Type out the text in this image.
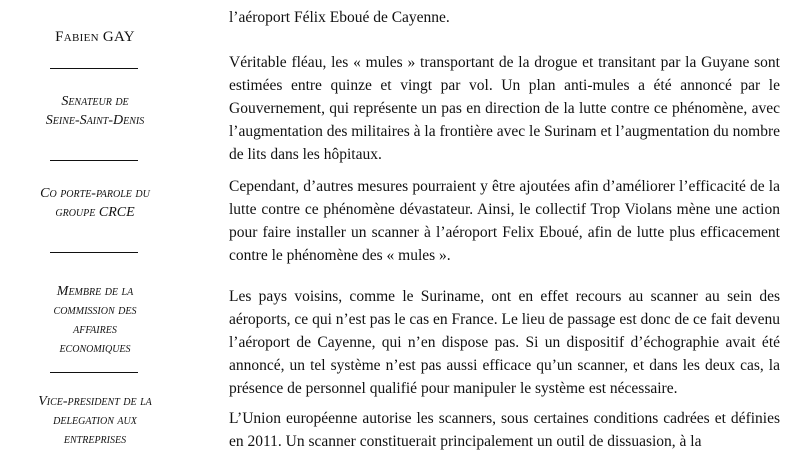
Fabien GAY
Senateur de
Seine-Saint-Denis
Co porte-parole du
groupe CRCE
Membre de la
commission des
affaires
economiques
Vice-president de la
delegation aux
entreprises

l’aéroport Félix Eboué de Cayenne.

Véritable fléau, les « mules » transportant de la drogue et transitant par la Guyane sont estimées entre quinze et vingt par vol. Un plan anti-mules a été annoncé par le Gouvernement, qui représente un pas en direction de la lutte contre ce phénomène, avec l’augmentation des militaires à la frontière avec le Surinam et l’augmentation du nombre de lits dans les hôpitaux.

Cependant, d’autres mesures pourraient y être ajoutées afin d’améliorer l’efficacité de la lutte contre ce phénomène dévastateur. Ainsi, le collectif Trop Violans mène une action pour faire installer un scanner à l’aéroport Felix Eboué, afin de lutte plus efficacement contre le phénomène des « mules ».

Les pays voisins, comme le Suriname, ont en effet recours au scanner au sein des aéroports, ce qui n’est pas le cas en France. Le lieu de passage est donc de ce fait devenu l’aéroport de Cayenne, qui n’en dispose pas. Si un dispositif d’échographie avait été annoncé, un tel système n’est pas aussi efficace qu’un scanner, et dans les deux cas, la présence de personnel qualifié pour manipuler le système est nécessaire.

L’Union européenne autorise les scanners, sous certaines conditions cadrées et définies en 2011. Un scanner constituerait principalement un outil de dissuasion, à la
